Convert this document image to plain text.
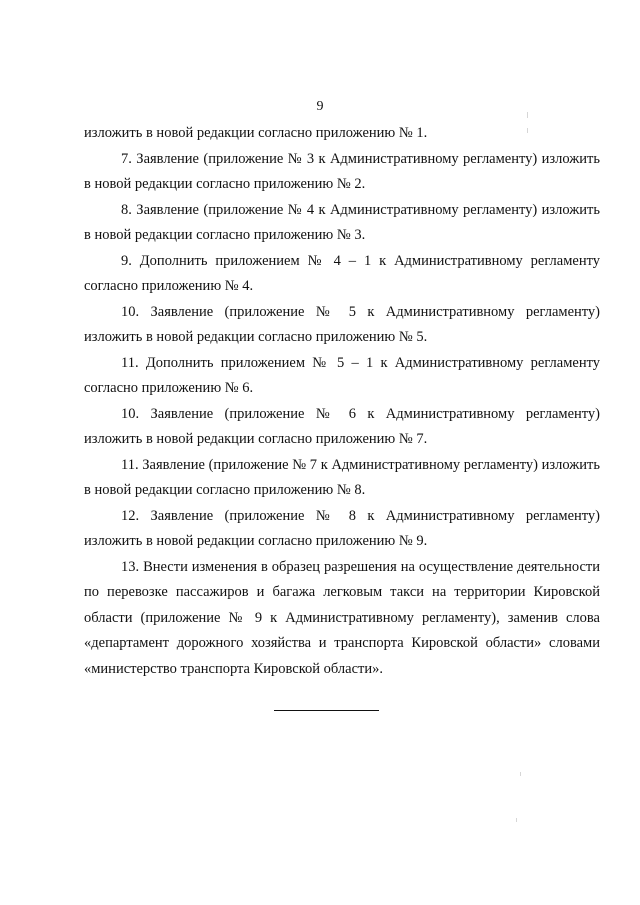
9

изложить в новой редакции согласно приложению № 1.

7. Заявление (приложение № 3 к Административному регламенту) изложить в новой редакции согласно приложению № 2.

8. Заявление (приложение № 4 к Административному регламенту) изложить в новой редакции согласно приложению № 3.

9. Дополнить приложением № 4 – 1 к Административному регламенту согласно приложению № 4.

10. Заявление (приложение № 5 к Административному регламенту) изложить в новой редакции согласно приложению № 5.

11. Дополнить приложением № 5 – 1 к Административному регламенту согласно приложению № 6.

10. Заявление (приложение № 6 к Административному регламенту) изложить в новой редакции согласно приложению № 7.

11. Заявление (приложение № 7 к Административному регламенту) изложить в новой редакции согласно приложению № 8.

12. Заявление (приложение № 8 к Административному регламенту) изложить в новой редакции согласно приложению № 9.

13. Внести изменения в образец разрешения на осуществление деятельности по перевозке пассажиров и багажа легковым такси на территории Кировской области (приложение № 9 к Административному регламенту), заменив слова «департамент дорожного хозяйства и транспорта Кировской области» словами «министерство транспорта Кировской области».
